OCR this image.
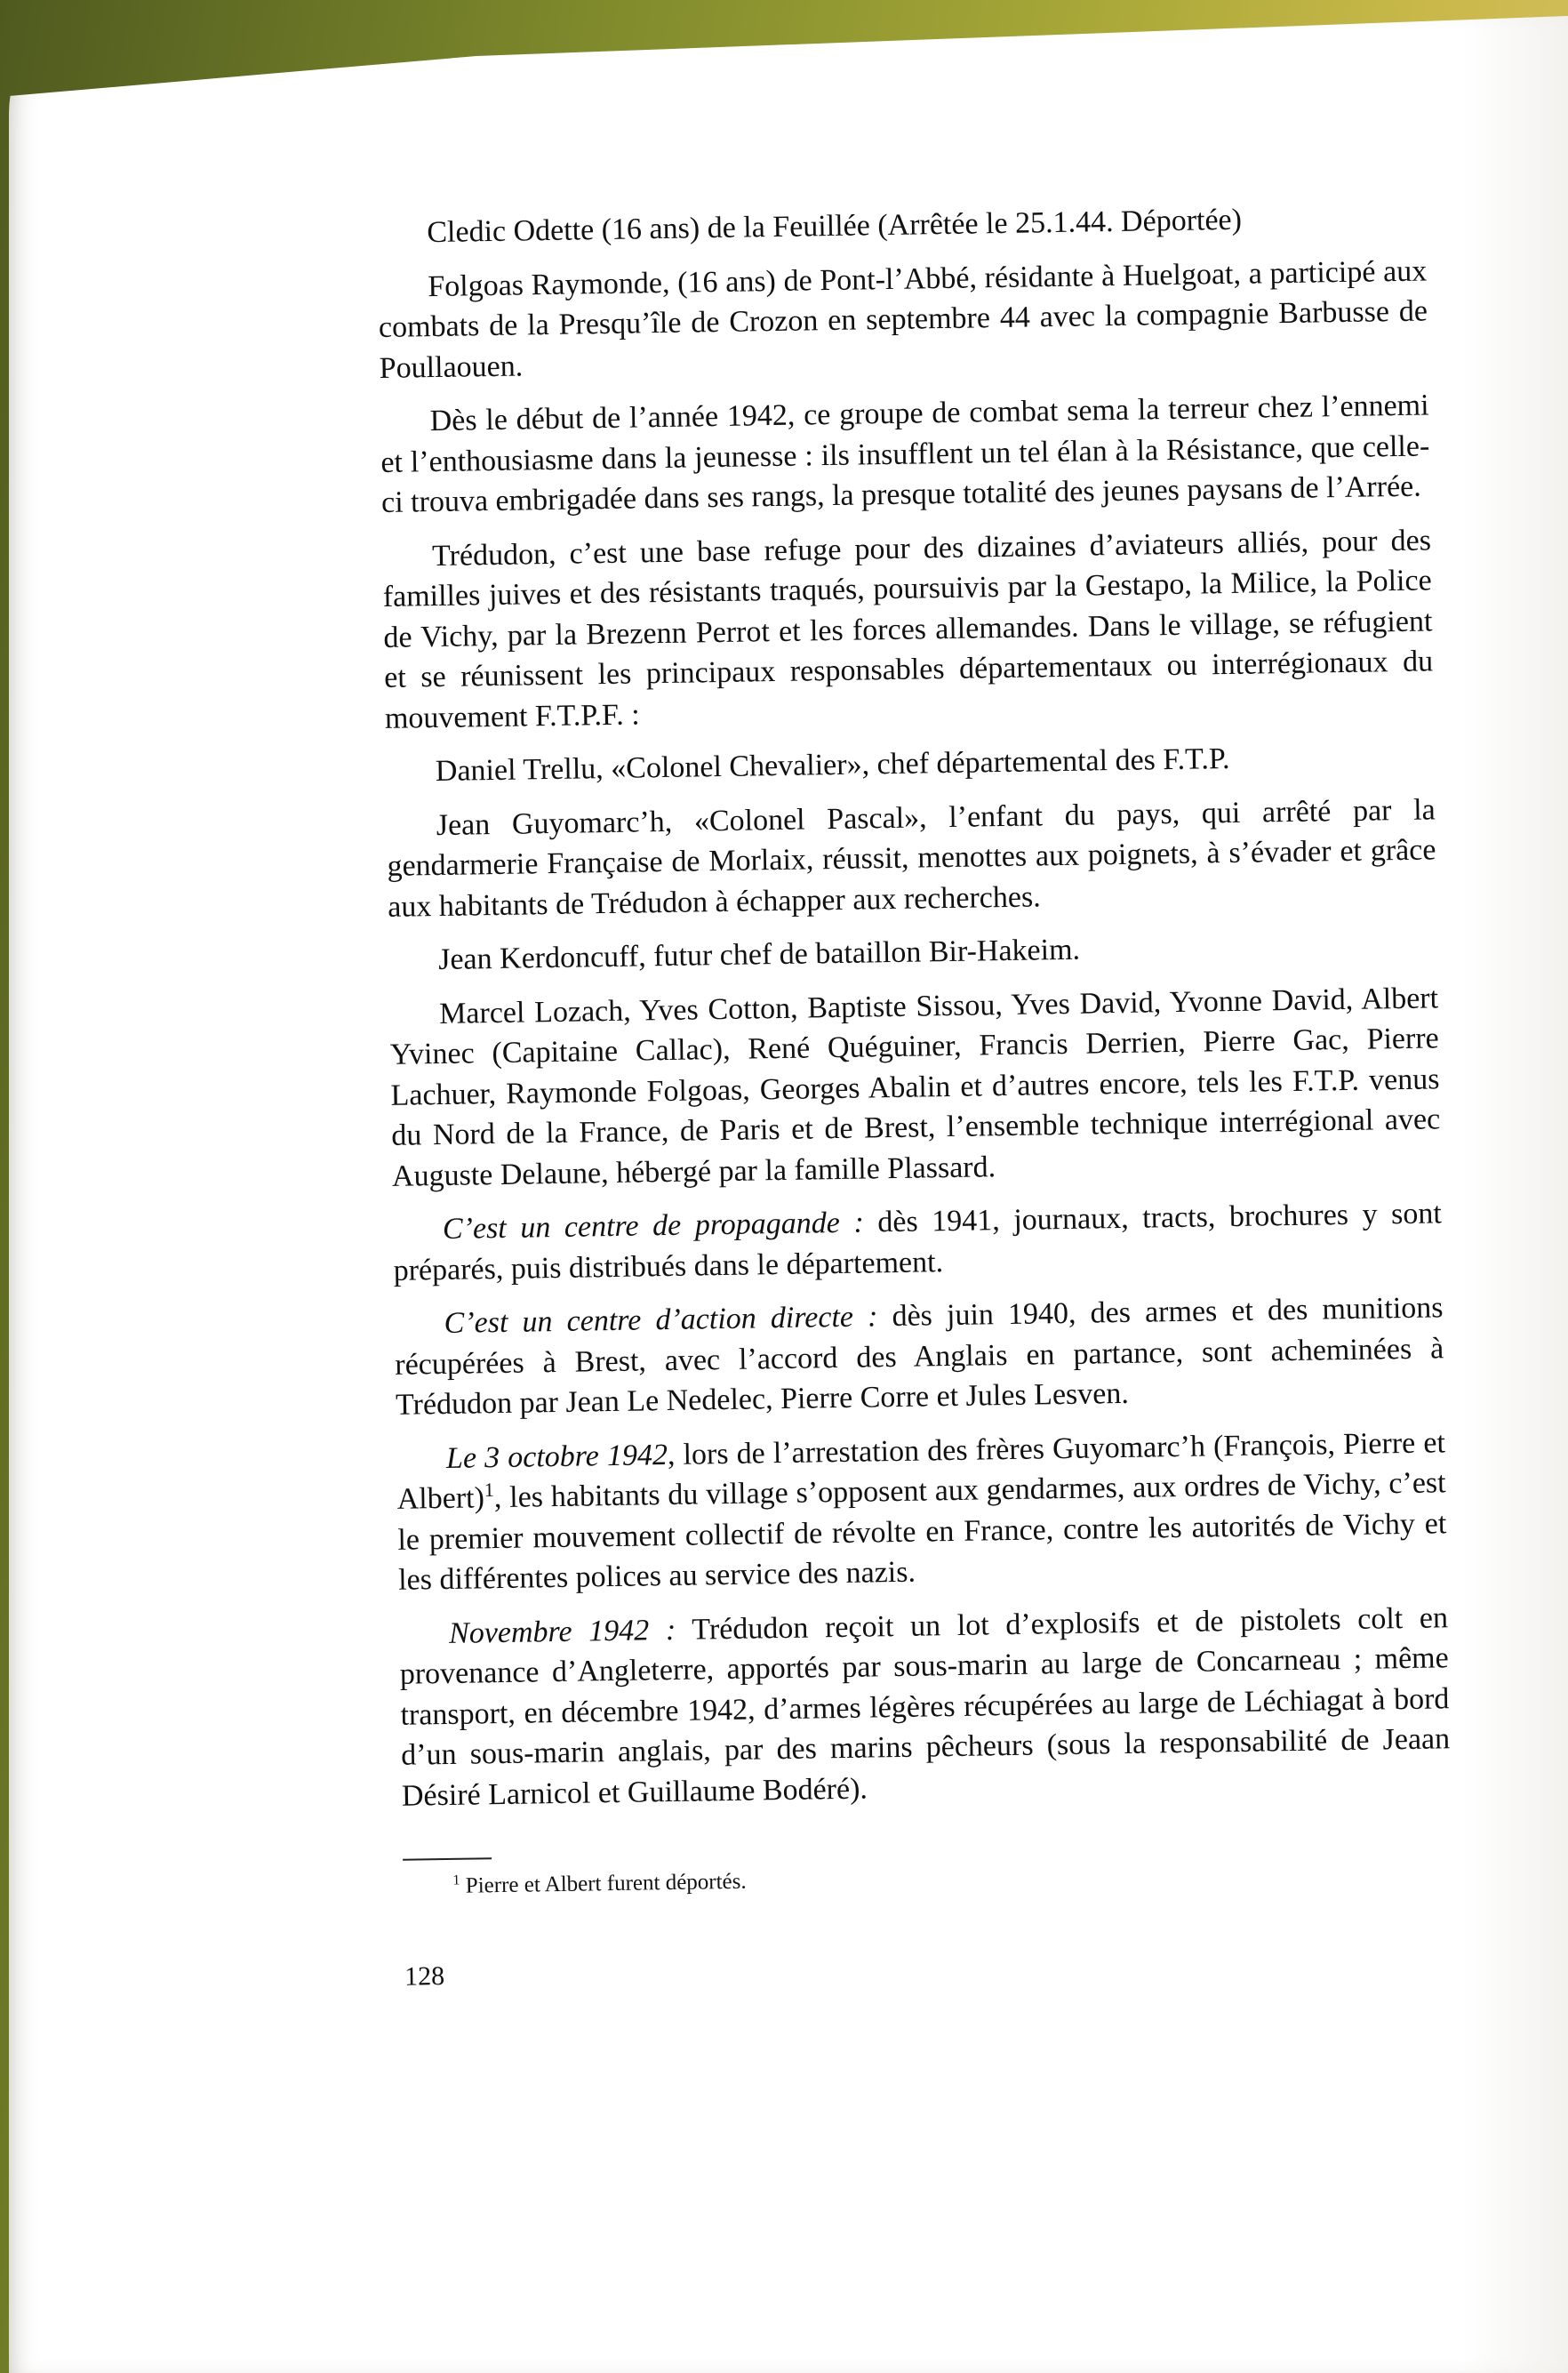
Cledic Odette (16 ans) de la Feuillée (Arrêtée le 25.1.44. Déportée)

Folgoas Raymonde, (16 ans) de Pont-l’Abbé, résidante à Huelgoat, a participé aux combats de la Presqu’île de Crozon en septembre 44 avec la compagnie Barbusse de Poullaouen.

Dès le début de l’année 1942, ce groupe de combat sema la terreur chez l’ennemi et l’enthousiasme dans la jeunesse : ils insufflent un tel élan à la Résistance, que celle-ci trouva embrigadée dans ses rangs, la presque totalité des jeunes paysans de l’Arrée.

Trédudon, c’est une base refuge pour des dizaines d’aviateurs alliés, pour des familles juives et des résistants traqués, poursuivis par la Gestapo, la Milice, la Police de Vichy, par la Brezenn Perrot et les forces allemandes. Dans le village, se réfugient et se réunissent les principaux responsables départementaux ou interrégionaux du mouvement F.T.P.F. :

Daniel Trellu, «Colonel Chevalier», chef départemental des F.T.P.

Jean Guyomarc’h, «Colonel Pascal», l’enfant du pays, qui arrêté par la gendarmerie Française de Morlaix, réussit, menottes aux poignets, à s’évader et grâce aux habitants de Trédudon à échapper aux recherches.

Jean Kerdoncuff, futur chef de bataillon Bir-Hakeim.

Marcel Lozach, Yves Cotton, Baptiste Sissou, Yves David, Yvonne David, Albert Yvinec (Capitaine Callac), René Quéguiner, Francis Derrien, Pierre Gac, Pierre Lachuer, Raymonde Folgoas, Georges Abalin et d’autres encore, tels les F.T.P. venus du Nord de la France, de Paris et de Brest, l’ensemble technique interrégional avec Auguste Delaune, hébergé par la famille Plassard.

C’est un centre de propagande : dès 1941, journaux, tracts, brochures y sont préparés, puis distribués dans le département.

C’est un centre d’action directe : dès juin 1940, des armes et des munitions récupérées à Brest, avec l’accord des Anglais en partance, sont acheminées à Trédudon par Jean Le Nedelec, Pierre Corre et Jules Lesven.

Le 3 octobre 1942, lors de l’arrestation des frères Guyomarc’h (François, Pierre et Albert)$^1$, les habitants du village s’opposent aux gendarmes, aux ordres de Vichy, c’est le premier mouvement collectif de révolte en France, contre les autorités de Vichy et les différentes polices au service des nazis.

Novembre 1942 : Trédudon reçoit un lot d’explosifs et de pistolets colt en provenance d’Angleterre, apportés par sous-marin au large de Concarneau ; même transport, en décembre 1942, d’armes légères récupérées au large de Léchiagat à bord d’un sous-marin anglais, par des marins pêcheurs (sous la responsabilité de Jeaan Désiré Larnicol et Guillaume Bodéré).

$^1$ Pierre et Albert furent déportés.

128
